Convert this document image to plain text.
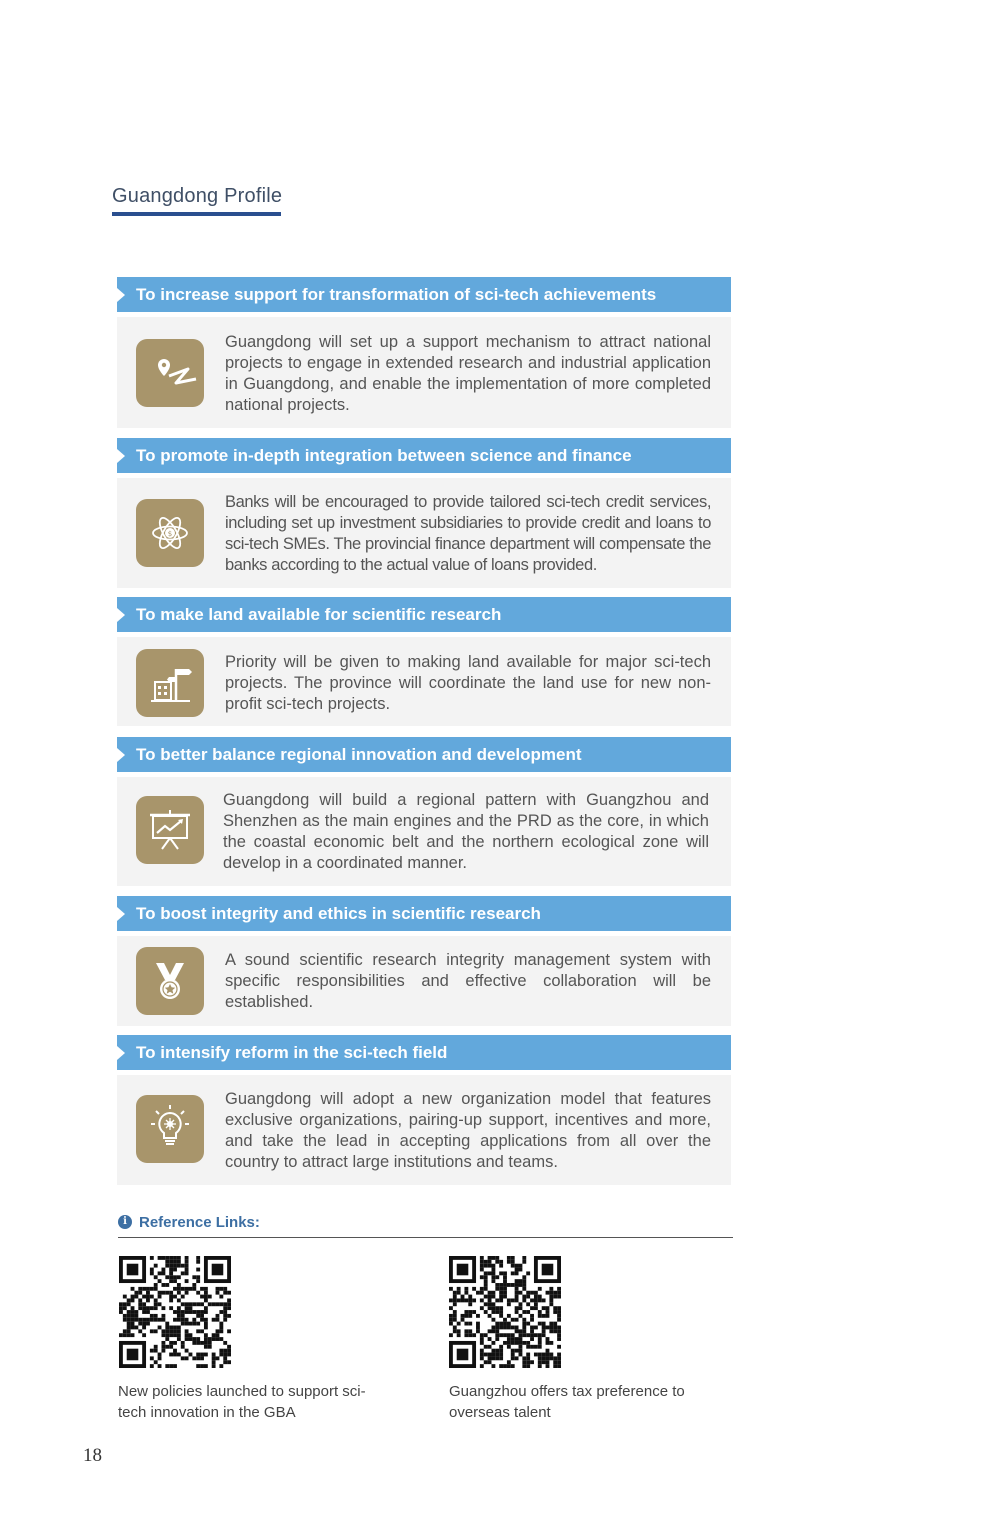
Guangdong Profile
To increase support for transformation of sci-tech achievements
Guangdong will set up a support mechanism to attract national projects to engage in extended research and industrial application in Guangdong, and enable the implementation of more completed national projects.
To promote in-depth integration between science and finance
$
Banks will be encouraged to provide tailored sci-tech credit services, including set up investment subsidiaries to provide credit and loans to sci-tech SMEs. The provincial finance department will compensate the banks according to the actual value of loans provided.
To make land available for scientific research
Priority will be given to making land available for major sci-tech projects. The province will coordinate the land use for new non-profit sci-tech projects.
To better balance regional innovation and development
Guangdong will build a regional pattern with Guangzhou and Shenzhen as the main engines and the PRD as the core, in which the coastal economic belt and the northern ecological zone will develop in a coordinated manner.
To boost integrity and ethics in scientific research
A sound scientific research integrity management system with specific responsibilities and effective collaboration will be established.
To intensify reform in the sci-tech field
Guangdong will adopt a new organization model that features exclusive organizations, pairing-up support, incentives and more, and take the lead in accepting applications from all over the country to attract large institutions and teams.
i Reference Links:
New policies launched to support sci-
tech innovation in the GBA
Guangzhou offers tax preference to
overseas talent
18
